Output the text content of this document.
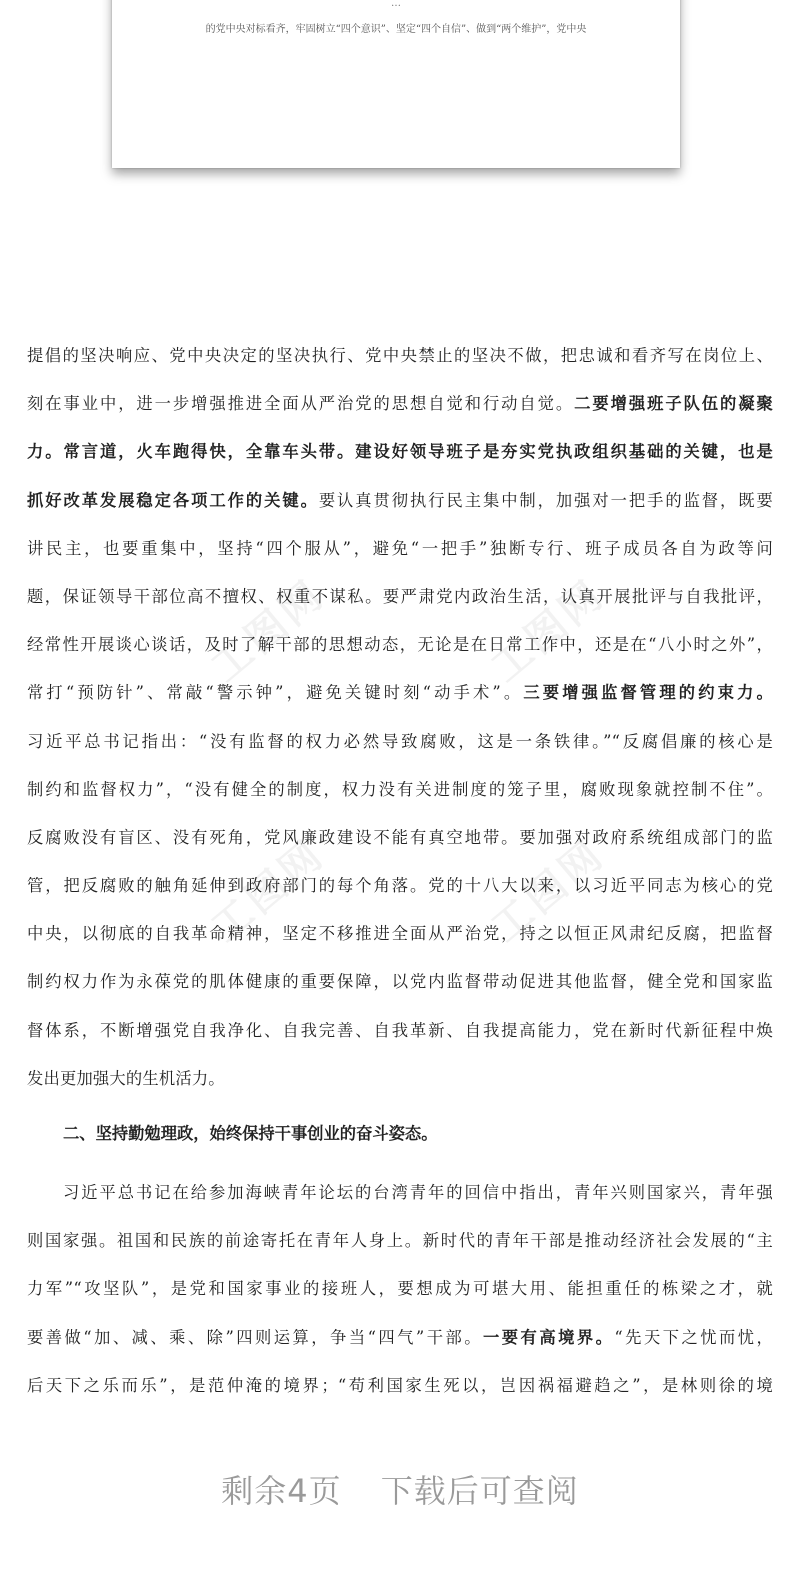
…
的党中央对标看齐，牢固树立“四个意识”、坚定“四个自信”、做到“两个维护”，党中央
工图网	工图网
工图网	工图网
提倡的坚决响应、党中央决定的坚决执行、党中央禁止的坚决不做，把忠诚和看齐写在岗位上、
刻在事业中，进一步增强推进全面从严治党的思想自觉和行动自觉。二要增强班子队伍的凝聚
力。常言道，火车跑得快，全靠车头带。建设好领导班子是夯实党执政组织基础的关键，也是
抓好改革发展稳定各项工作的关键。要认真贯彻执行民主集中制，加强对一把手的监督，既要
讲民主，也要重集中，坚持“四个服从”，避免“一把手”独断专行、班子成员各自为政等问
题，保证领导干部位高不擅权、权重不谋私。要严肃党内政治生活，认真开展批评与自我批评，
经常性开展谈心谈话，及时了解干部的思想动态，无论是在日常工作中，还是在“八小时之外”，
常打“预防针”、常敲“警示钟”，避免关键时刻“动手术”。三要增强监督管理的约束力。
习近平总书记指出：“没有监督的权力必然导致腐败，这是一条铁律。”“反腐倡廉的核心是
制约和监督权力”，“没有健全的制度，权力没有关进制度的笼子里，腐败现象就控制不住”。
反腐败没有盲区、没有死角，党风廉政建设不能有真空地带。要加强对政府系统组成部门的监
管，把反腐败的触角延伸到政府部门的每个角落。党的十八大以来，以习近平同志为核心的党
中央，以彻底的自我革命精神，坚定不移推进全面从严治党，持之以恒正风肃纪反腐，把监督
制约权力作为永葆党的肌体健康的重要保障，以党内监督带动促进其他监督，健全党和国家监
督体系，不断增强党自我净化、自我完善、自我革新、自我提高能力，党在新时代新征程中焕
发出更加强大的生机活力。
二、坚持勤勉理政，始终保持干事创业的奋斗姿态。
习近平总书记在给参加海峡青年论坛的台湾青年的回信中指出，青年兴则国家兴，青年强
则国家强。祖国和民族的前途寄托在青年人身上。新时代的青年干部是推动经济社会发展的“主
力军”“攻坚队”，是党和国家事业的接班人，要想成为可堪大用、能担重任的栋梁之才，就
要善做“加、减、乘、除”四则运算，争当“四气”干部。一要有高境界。“先天下之忧而忧，
后天下之乐而乐”，是范仲淹的境界；“苟利国家生死以，岂因祸福避趋之”，是林则徐的境
剩余4页 下载后可查阅
